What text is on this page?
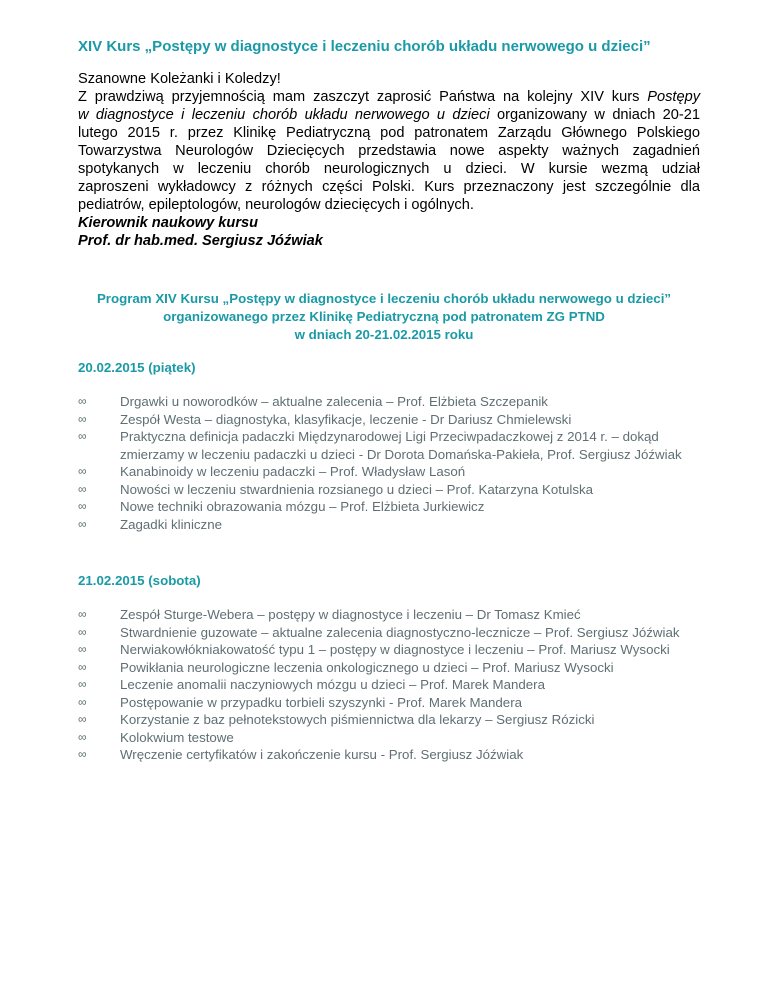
XIV Kurs „Postępy w diagnostyce i leczeniu chorób układu nerwowego u dzieci”

Szanowne Koleżanki i Koledzy!

Z prawdziwą przyjemnością mam zaszczyt zaprosić Państwa na kolejny XIV kurs Postępy
w diagnostyce i leczeniu chorób układu nerwowego u dzieci organizowany w dniach 20-21
lutego 2015 r. przez Klinikę Pediatryczną pod patronatem Zarządu Głównego Polskiego
Towarzystwa Neurologów Dziecięcych przedstawia nowe aspekty ważnych zagadnień
spotykanych w leczeniu chorób neurologicznych u dzieci. W kursie wezmą udział
zaproszeni wykładowcy z różnych części Polski. Kurs przeznaczony jest szczególnie dla
pediatrów, epileptologów, neurologów dziecięcych i ogólnych.

Kierownik naukowy kursu

Prof. dr hab.med. Sergiusz Jóźwiak

Program XIV Kursu „Postępy w diagnostyce i leczeniu chorób układu nerwowego u dzieci”
organizowanego przez Klinikę Pediatryczną pod patronatem ZG PTND
w dniach 20-21.02.2015 roku
20.02.2015 (piątek)
∞	Drgawki u noworodków – aktualne zalecenia – Prof. Elżbieta Szczepanik
∞	Zespół Westa – diagnostyka, klasyfikacje, leczenie - Dr Dariusz Chmielewski
∞	Praktyczna definicja padaczki Międzynarodowej Ligi Przeciwpadaczkowej z 2014 r. – dokąd zmierzamy w leczeniu padaczki u dzieci - Dr Dorota Domańska-Pakieła, Prof. Sergiusz Jóźwiak
∞	Kanabinoidy w leczeniu padaczki – Prof. Władysław Lasoń
∞	Nowości w leczeniu stwardnienia rozsianego u dzieci – Prof. Katarzyna Kotulska
∞	Nowe techniki obrazowania mózgu – Prof. Elżbieta Jurkiewicz
∞	Zagadki kliniczne
21.02.2015 (sobota)
∞	Zespół Sturge-Webera – postępy w diagnostyce i leczeniu – Dr Tomasz Kmieć
∞	Stwardnienie guzowate – aktualne zalecenia diagnostyczno-lecznicze – Prof. Sergiusz Jóźwiak
∞	Nerwiakowłókniakowatość typu 1 – postępy w diagnostyce i leczeniu – Prof. Mariusz Wysocki
∞	Powikłania neurologiczne leczenia onkologicznego u dzieci – Prof. Mariusz Wysocki
∞	Leczenie anomalii naczyniowych mózgu u dzieci – Prof. Marek Mandera
∞	Postępowanie w przypadku torbieli szyszynki - Prof. Marek Mandera
∞	Korzystanie z baz pełnotekstowych piśmiennictwa dla lekarzy – Sergiusz Rózicki
∞	Kolokwium testowe
∞	Wręczenie certyfikatów i zakończenie kursu - Prof. Sergiusz Jóźwiak
